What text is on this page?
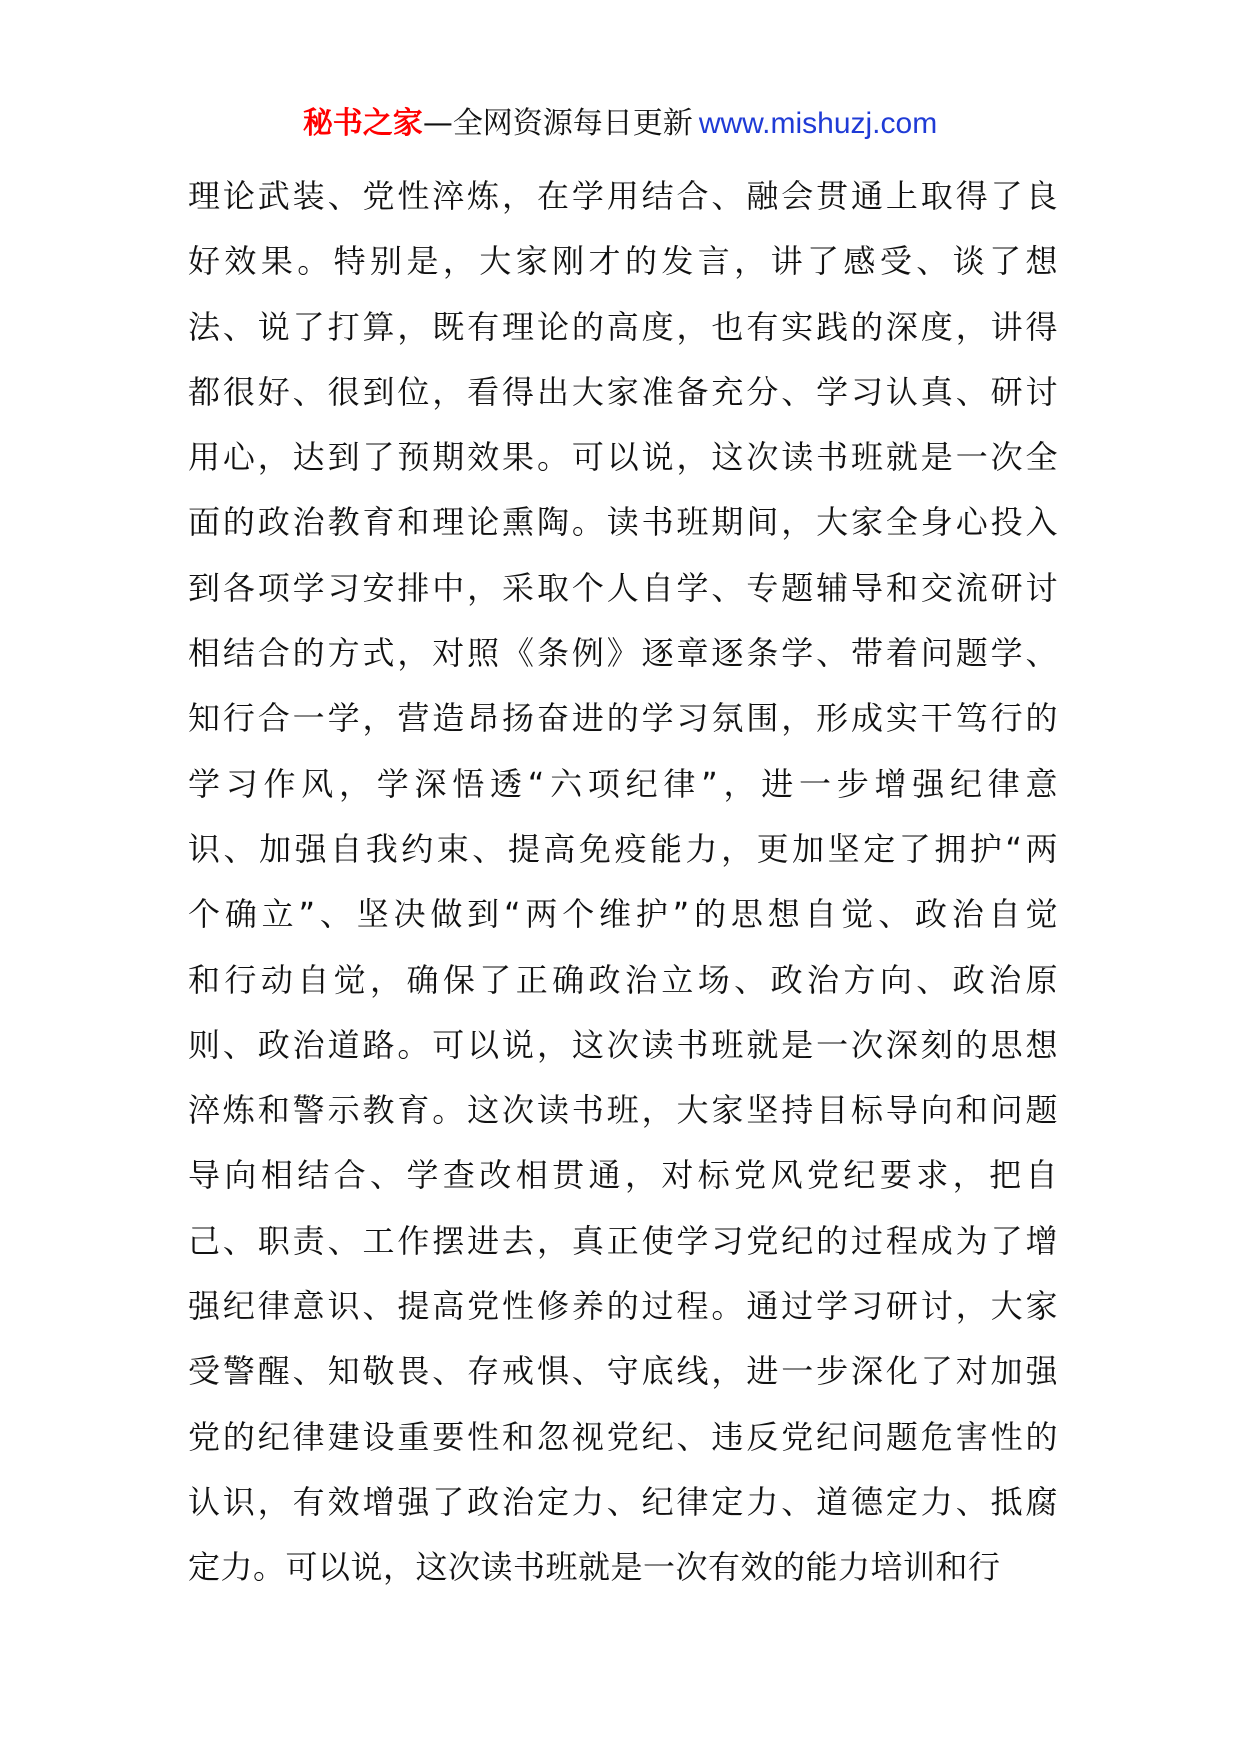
秘书之家—全网资源每日更新 www.mishuzj.com
理论武装、党性淬炼，在学用结合、融会贯通上取得了良
好效果。特别是，大家刚才的发言，讲了感受、谈了想
法、说了打算，既有理论的高度，也有实践的深度，讲得
都很好、很到位，看得出大家准备充分、学习认真、研讨
用心，达到了预期效果。可以说，这次读书班就是一次全
面的政治教育和理论熏陶。读书班期间，大家全身心投入
到各项学习安排中，采取个人自学、专题辅导和交流研讨
相结合的方式，对照《条例》逐章逐条学、带着问题学、
知行合一学，营造昂扬奋进的学习氛围，形成实干笃行的
学习作风，学深悟透“六项纪律”，进一步增强纪律意
识、加强自我约束、提高免疫能力，更加坚定了拥护“两
个确立”、坚决做到“两个维护”的思想自觉、政治自觉
和行动自觉，确保了正确政治立场、政治方向、政治原
则、政治道路。可以说，这次读书班就是一次深刻的思想
淬炼和警示教育。这次读书班，大家坚持目标导向和问题
导向相结合、学查改相贯通，对标党风党纪要求，把自
己、职责、工作摆进去，真正使学习党纪的过程成为了增
强纪律意识、提高党性修养的过程。通过学习研讨，大家
受警醒、知敬畏、存戒惧、守底线，进一步深化了对加强
党的纪律建设重要性和忽视党纪、违反党纪问题危害性的
认识，有效增强了政治定力、纪律定力、道德定力、抵腐
定力。可以说，这次读书班就是一次有效的能力培训和行
